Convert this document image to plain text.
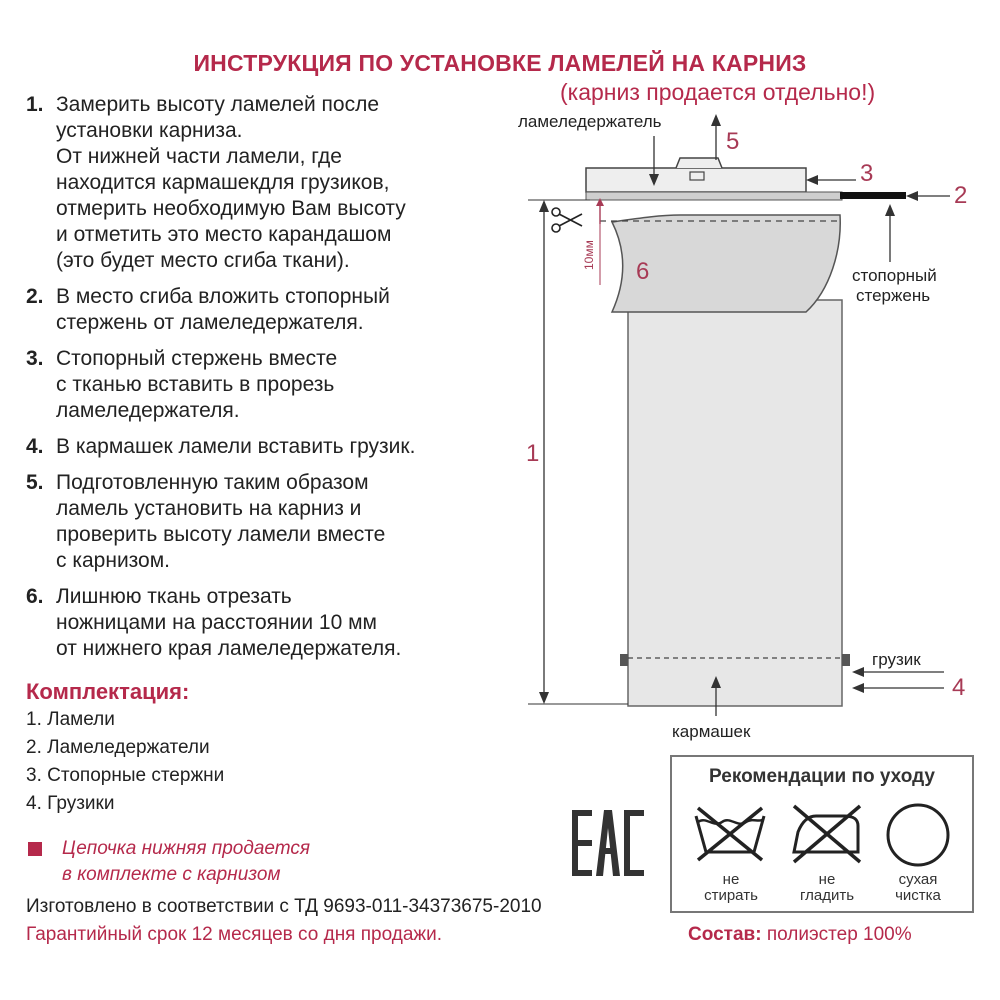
ИНСТРУКЦИЯ ПО УСТАНОВКЕ ЛАМЕЛЕЙ НА КАРНИЗ
(карниз продается отдельно!)
1. Замерить высоту ламелей после
установки карниза.
От нижней части ламели, где
находится кармашекдля грузиков,
отмерить необходимую Вам высоту
и отметить это место карандашом
(это будет место сгиба ткани).
2. В место сгиба вложить стопорный
стержень от ламеледержателя.
3. Стопорный стержень вместе
с тканью вставить в прорезь
ламеледержателя.
4. В кармашек ламели вставить грузик.
5. Подготовленную таким образом
ламель установить на карниз и
проверить высоту ламели вместе
с карнизом.
6. Лишнюю ткань отрезать
ножницами на расстоянии 10 мм
от нижнего края ламеледержателя.
Комплектация:
1. Ламели
2. Ламеледержатели
3. Стопорные стержни
4. Грузики
Цепочка нижняя продается
в комплекте с карнизом
Изготовлено в соответствии с ТД 9693-011-34373675-2010
Гарантийный срок 12 месяцев со дня продажи.
ламеледержатель
стопорный
стержень
грузик
кармашек
10мм
5
3
2
6
1
4
Рекомендации по уходу
не
стирать
не
гладить
сухая
чистка
Состав: полиэстер 100%
